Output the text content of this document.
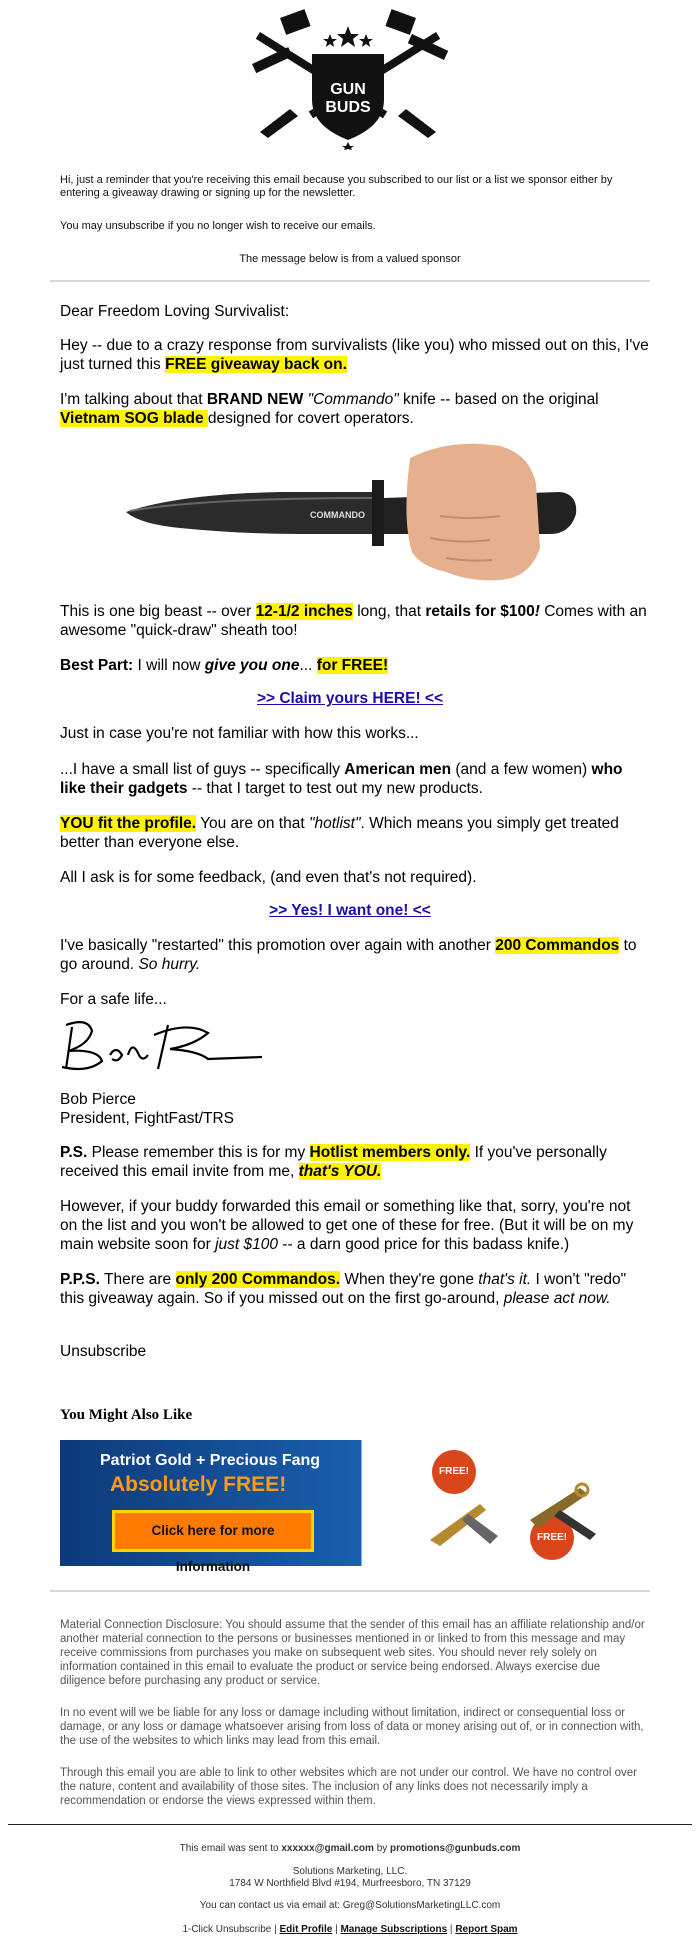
GUN
BUDS
Hi, just a reminder that you're receiving this email because you subscribed to our list or a list we sponsor either by entering a giveaway drawing or signing up for the newsletter.
You may unsubscribe if you no longer wish to receive our emails.
The message below is from a valued sponsor
Dear Freedom Loving Survivalist:
Hey -- due to a crazy response from survivalists (like you) who missed out on this, I've just turned this FREE giveaway back on.
I'm talking about that BRAND NEW "Commando" knife -- based on the original Vietnam SOG blade designed for covert operators.
COMMANDO
This is one big beast -- over 12-1/2 inches long, that retails for $100! Comes with an awesome "quick-draw" sheath too!
Best Part: I will now give you one... for FREE!
>> Claim yours HERE! <<
Just in case you're not familiar with how this works...
...I have a small list of guys -- specifically American men (and a few women) who like their gadgets -- that I target to test out my new products.
YOU fit the profile. You are on that "hotlist". Which means you simply get treated better than everyone else.
All I ask is for some feedback, (and even that's not required).
>> Yes! I want one! <<
I've basically "restarted" this promotion over again with another 200 Commandos to go around. So hurry.
For a safe life...
Bob Pierce
President, FightFast/TRS
P.S. Please remember this is for my Hotlist members only. If you've personally received this email invite from me, that's YOU.
However, if your buddy forwarded this email or something like that, sorry, you're not on the list and you won't be allowed to get one of these for free. (But it will be on my main website soon for just $100 -- a darn good price for this badass knife.)
P.P.S. There are only 200 Commandos. When they're gone that's it. I won't "redo" this giveaway again. So if you missed out on the first go-around, please act now.
Unsubscribe
You Might Also Like
Patriot Gold + Precious Fang
Absolutely FREE!
Click here for more Information
FREE!
FREE!
Material Connection Disclosure: You should assume that the sender of this email has an affiliate relationship and/or another material connection to the persons or businesses mentioned in or linked to from this message and may receive commissions from purchases you make on subsequent web sites. You should never rely solely on information contained in this email to evaluate the product or service being endorsed. Always exercise due diligence before purchasing any product or service.
In no event will we be liable for any loss or damage including without limitation, indirect or consequential loss or damage, or any loss or damage whatsoever arising from loss of data or money arising out of, or in connection with, the use of the websites to which links may lead from this email.
Through this email you are able to link to other websites which are not under our control. We have no control over the nature, content and availability of those sites. The inclusion of any links does not necessarily imply a recommendation or endorse the views expressed within them.
This email was sent to xxxxxx@gmail.com by promotions@gunbuds.com
Solutions Marketing, LLC.
1784 W Northfield Blvd #194, Murfreesboro, TN 37129
You can contact us via email at: Greg@SolutionsMarketingLLC.com
1-Click Unsubscribe | Edit Profile | Manage Subscriptions | Report Spam
